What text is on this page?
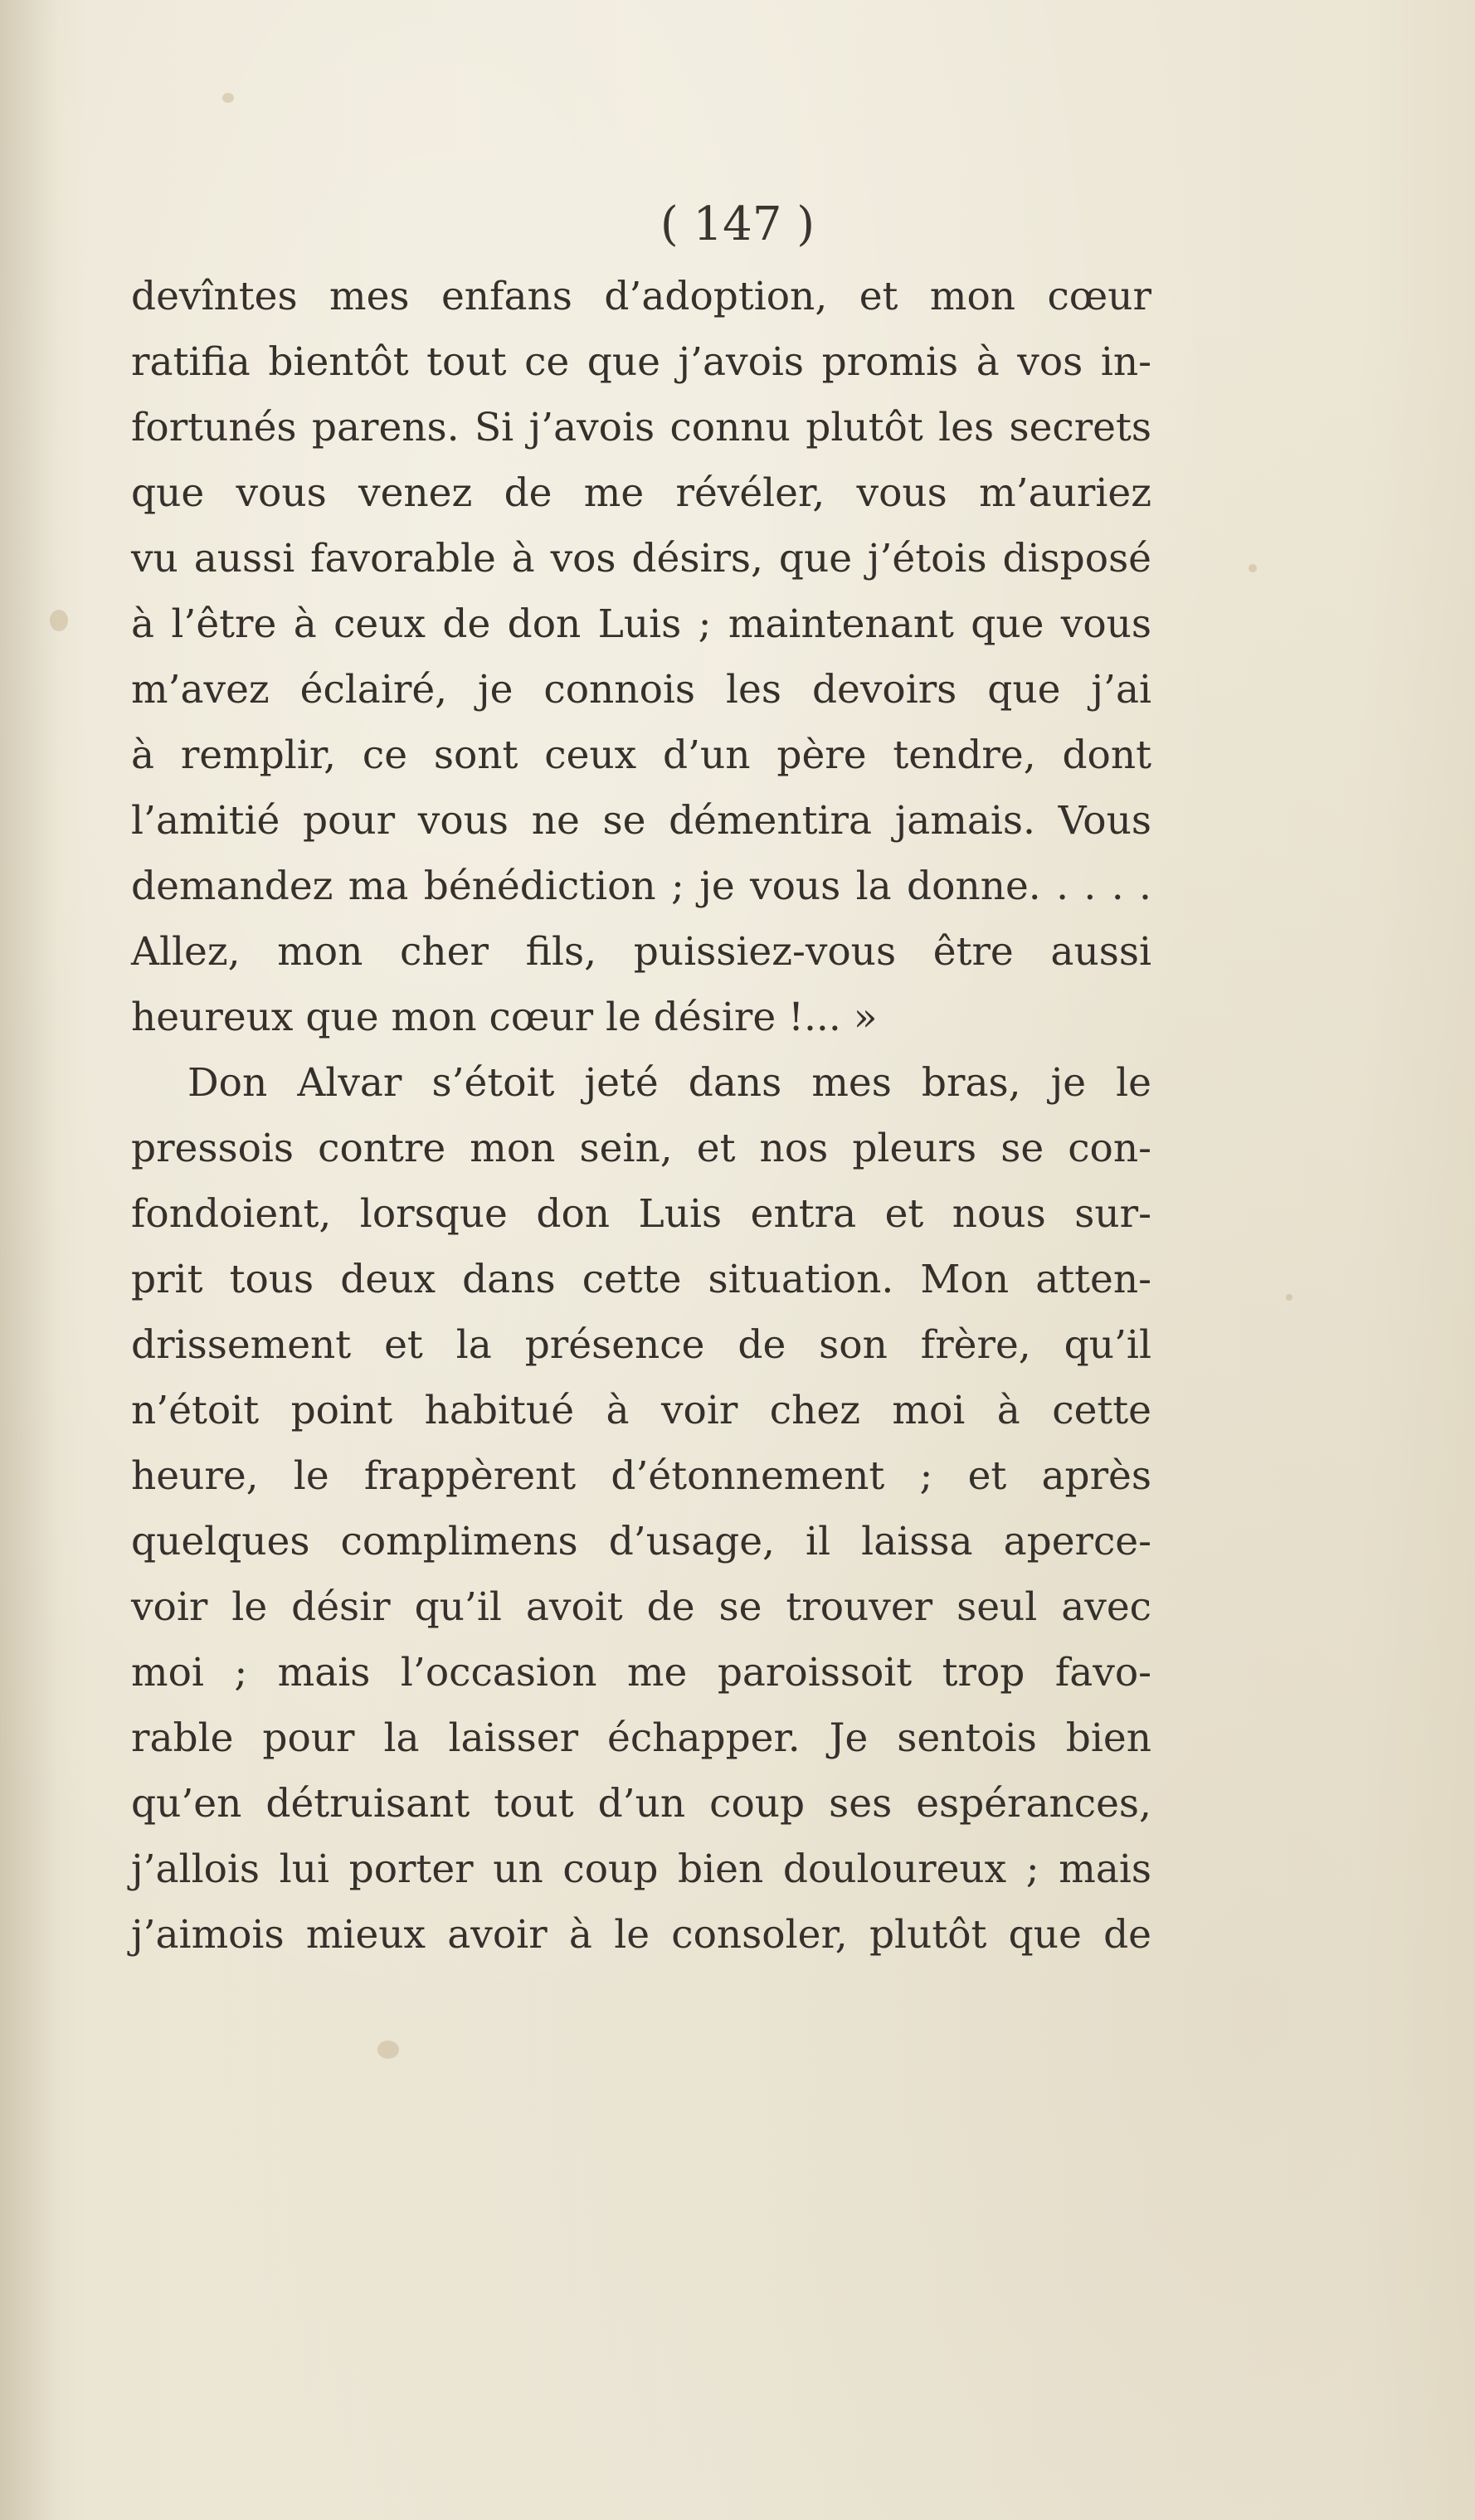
( 147 )
devîntes mes enfans d’adoption, et mon cœur
ratifia bientôt tout ce que j’avois promis à vos in-
fortunés parens. Si j’avois connu plutôt les secrets
que vous venez de me révéler, vous m’auriez
vu aussi favorable à vos désirs, que j’étois disposé
à l’être à ceux de don Luis ; maintenant que vous
m’avez éclairé, je connois les devoirs que j’ai
à remplir, ce sont ceux d’un père tendre, dont
l’amitié pour vous ne se démentira jamais. Vous
demandez ma bénédiction ; je vous la donne. . . . .
Allez, mon cher fils, puissiez-vous être aussi
heureux que mon cœur le désire !... »
Don Alvar s’étoit jeté dans mes bras, je le
pressois contre mon sein, et nos pleurs se con-
fondoient, lorsque don Luis entra et nous sur-
prit tous deux dans cette situation. Mon atten-
drissement et la présence de son frère, qu’il
n’étoit point habitué à voir chez moi à cette
heure, le frappèrent d’étonnement ; et après
quelques complimens d’usage, il laissa aperce-
voir le désir qu’il avoit de se trouver seul avec
moi ; mais l’occasion me paroissoit trop favo-
rable pour la laisser échapper. Je sentois bien
qu’en détruisant tout d’un coup ses espérances,
j’allois lui porter un coup bien douloureux ; mais
j’aimois mieux avoir à le consoler, plutôt que de
